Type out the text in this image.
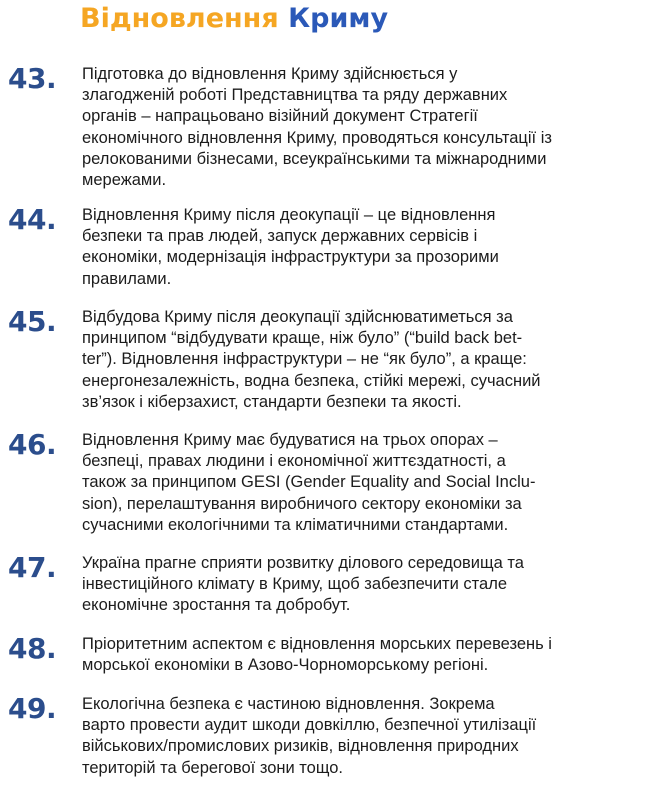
Відновлення Криму
43. Підготовка до відновлення Криму здійснюється у
злагодженій роботі Представництва та ряду державних
органів – напрацьовано візійний документ Стратегії
економічного відновлення Криму, проводяться консультації із
релокованими бізнесами, всеукраїнськими та міжнародними
мережами.
44. Відновлення Криму після деокупації – це відновлення
безпеки та прав людей, запуск державних сервісів і
економіки, модернізація інфраструктури за прозорими
правилами.
45. Відбудова Криму після деокупації здійснюватиметься за
принципом “відбудувати краще, ніж було” (“build back bet-
ter”). Відновлення інфраструктури – не “як було”, а краще:
енергонезалежність, водна безпека, стійкі мережі, сучасний
зв’язок і кіберзахист, стандарти безпеки та якості.
46. Відновлення Криму має будуватися на трьох опорах –
безпеці, правах людини і економічної життєздатності, а
також за принципом GESI (Gender Equality and Social Inclu-
sion), перелаштування виробничого сектору економіки за
сучасними екологічними та кліматичними стандартами.
47. Україна прагне сприяти розвитку ділового середовища та
інвестиційного клімату в Криму, щоб забезпечити стале
економічне зростання та добробут.
48. Пріоритетним аспектом є відновлення морських перевезень і
морської економіки в Азово-Чорноморському регіоні.
49. Екологічна безпека є частиною відновлення. Зокрема
варто провести аудит шкоди довкіллю, безпечної утилізації
військових/промислових ризиків, відновлення природних
територій та берегової зони тощо.
